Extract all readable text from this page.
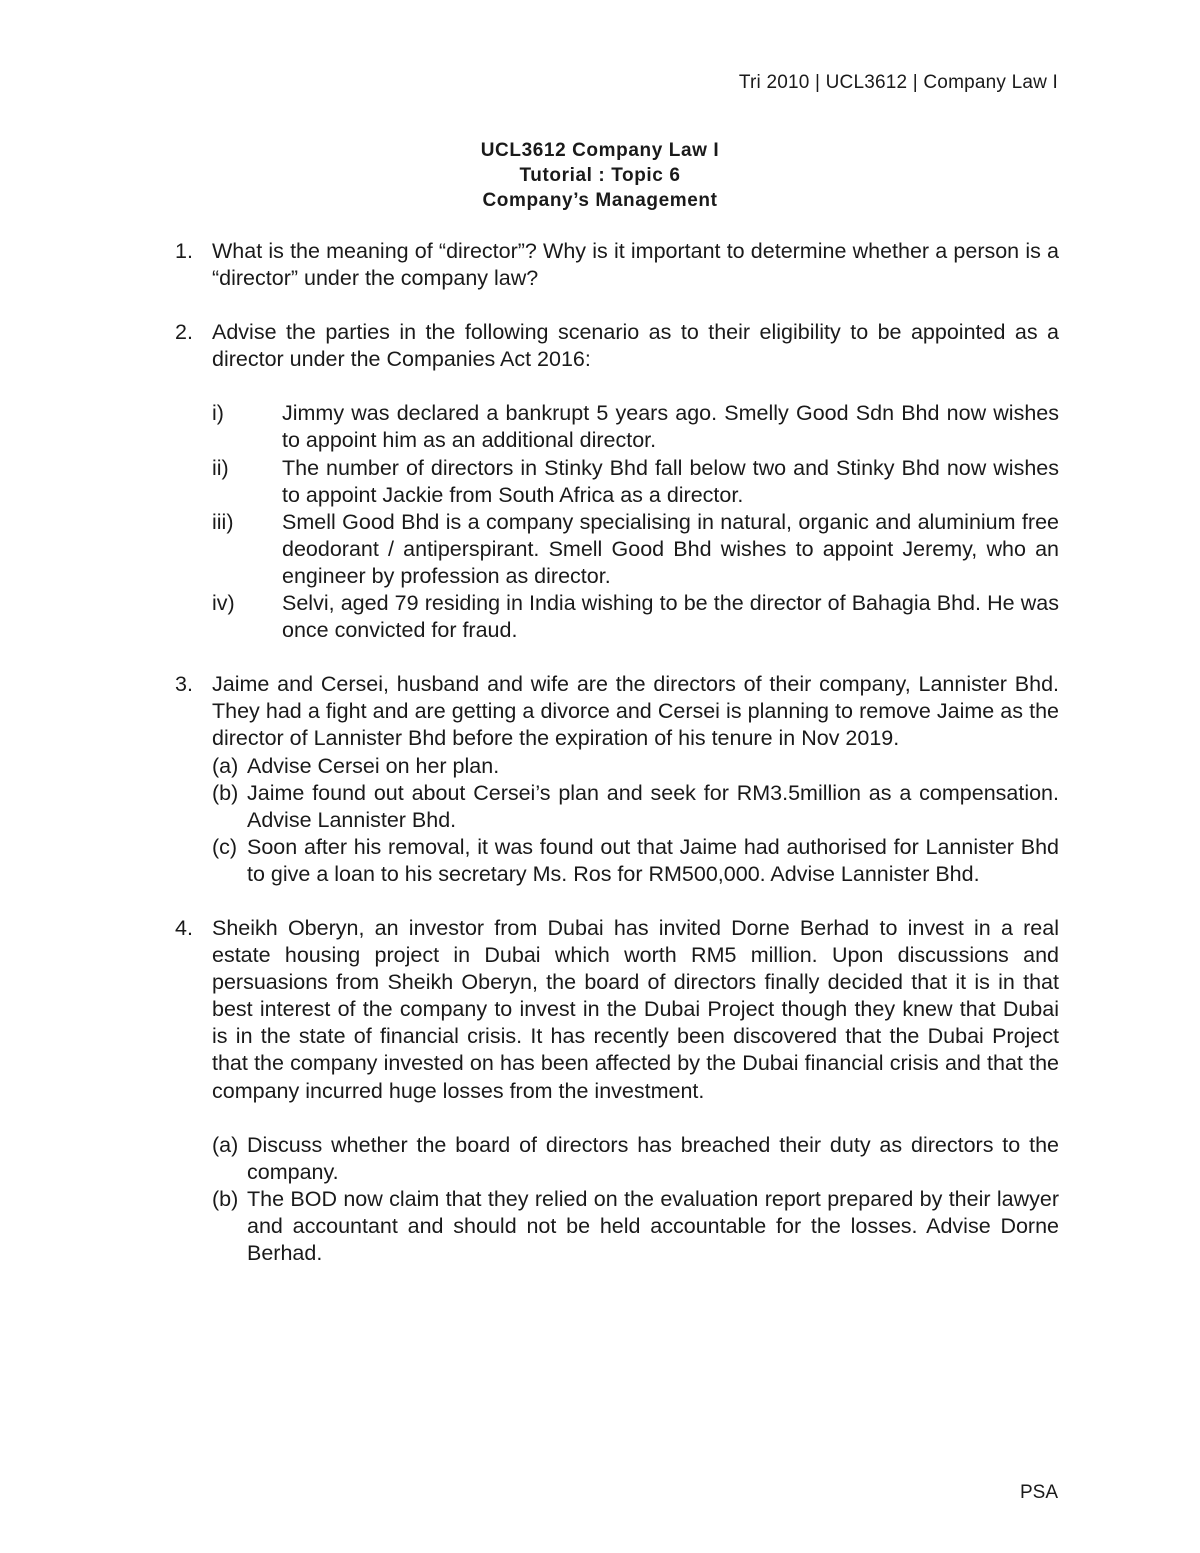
Tri 2010 | UCL3612 | Company Law I
UCL3612 Company Law I
Tutorial : Topic 6
Company’s Management
1. What is the meaning of “director”? Why is it important to determine whether a person is a “director” under the company law?
2. Advise the parties in the following scenario as to their eligibility to be appointed as a director under the Companies Act 2016:
i)	Jimmy was declared a bankrupt 5 years ago. Smelly Good Sdn Bhd now wishes to appoint him as an additional director.
ii)	The number of directors in Stinky Bhd fall below two and Stinky Bhd now wishes to appoint Jackie from South Africa as a director.
iii)	Smell Good Bhd is a company specialising in natural, organic and aluminium free deodorant / antiperspirant. Smell Good Bhd wishes to appoint Jeremy, who an engineer by profession as director.
iv)	Selvi, aged 79 residing in India wishing to be the director of Bahagia Bhd. He was once convicted for fraud.
3. Jaime and Cersei, husband and wife are the directors of their company, Lannister Bhd. They had a fight and are getting a divorce and Cersei is planning to remove Jaime as the director of Lannister Bhd before the expiration of his tenure in Nov 2019.
(a) Advise Cersei on her plan.
(b) Jaime found out about Cersei’s plan and seek for RM3.5million as a compensation. Advise Lannister Bhd.
(c) Soon after his removal, it was found out that Jaime had authorised for Lannister Bhd to give a loan to his secretary Ms. Ros for RM500,000. Advise Lannister Bhd.
4. Sheikh Oberyn, an investor from Dubai has invited Dorne Berhad to invest in a real estate housing project in Dubai which worth RM5 million. Upon discussions and persuasions from Sheikh Oberyn, the board of directors finally decided that it is in that best interest of the company to invest in the Dubai Project though they knew that Dubai is in the state of financial crisis. It has recently been discovered that the Dubai Project that the company invested on has been affected by the Dubai financial crisis and that the company incurred huge losses from the investment.
(a) Discuss whether the board of directors has breached their duty as directors to the company.
(b) The BOD now claim that they relied on the evaluation report prepared by their lawyer and accountant and should not be held accountable for the losses. Advise Dorne Berhad.
PSA
